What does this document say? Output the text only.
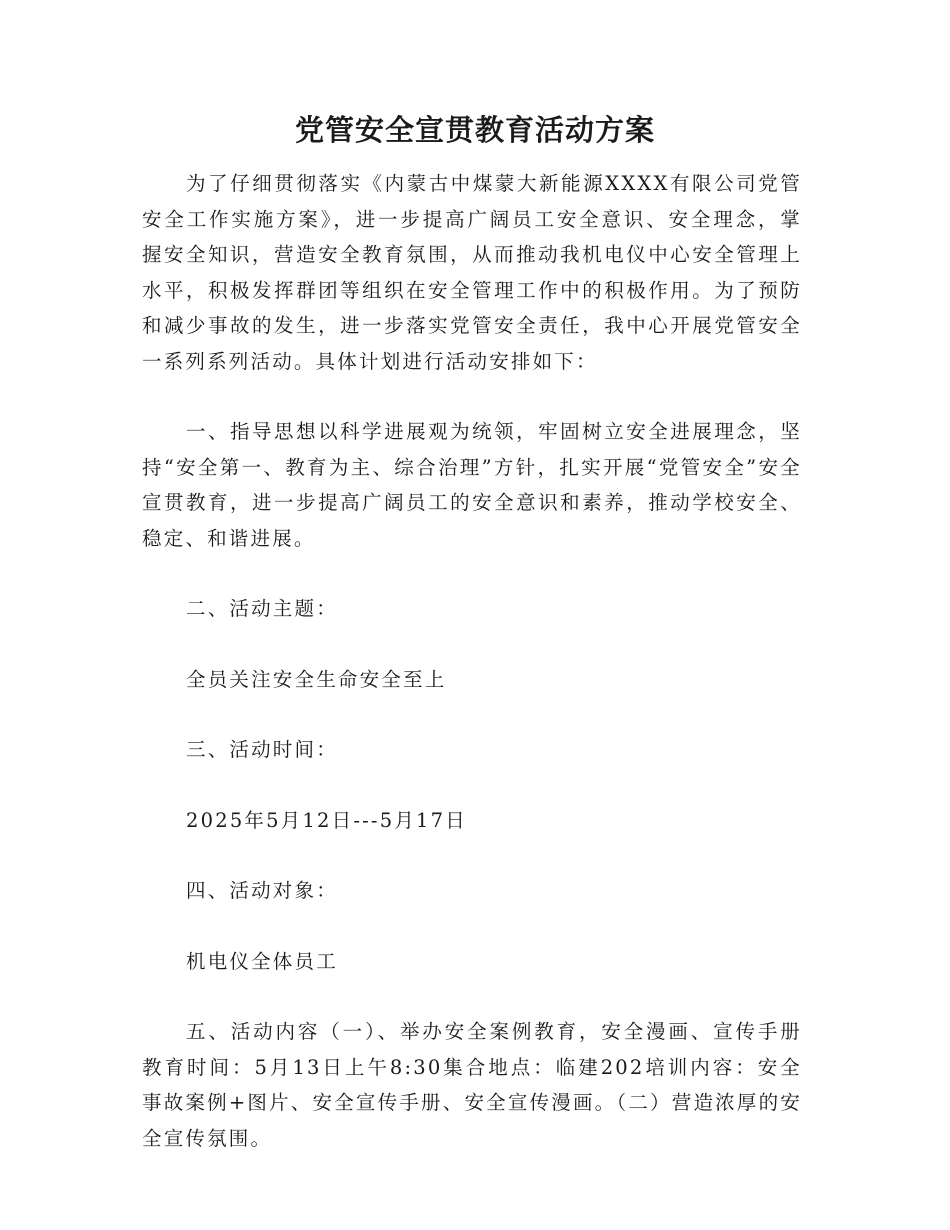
党管安全宣贯教育活动方案

为了仔细贯彻落实《内蒙古中煤蒙大新能源XXXX有限公司党管安全工作实施方案》，进一步提高广阔员工安全意识、安全理念，掌握安全知识，营造安全教育氛围，从而推动我机电仪中心安全管理上水平，积极发挥群团等组织在安全管理工作中的积极作用。为了预防和减少事故的发生，进一步落实党管安全责任，我中心开展党管安全一系列系列活动。具体计划进行活动安排如下：

一、指导思想以科学进展观为统领，牢固树立安全进展理念，坚持“安全第一、教育为主、综合治理”方针，扎实开展“党管安全”安全宣贯教育，进一步提高广阔员工的安全意识和素养，推动学校安全、稳定、和谐进展。

二、活动主题：

全员关注安全生命安全至上

三、活动时间：

2025年5月12日---5月17日

四、活动对象：

机电仪全体员工

五、活动内容（一）、举办安全案例教育，安全漫画、宣传手册教育时间：5月13日上午8:30集合地点：临建202培训内容：安全事故案例+图片、安全宣传手册、安全宣传漫画。（二）营造浓厚的安全宣传氛围。
